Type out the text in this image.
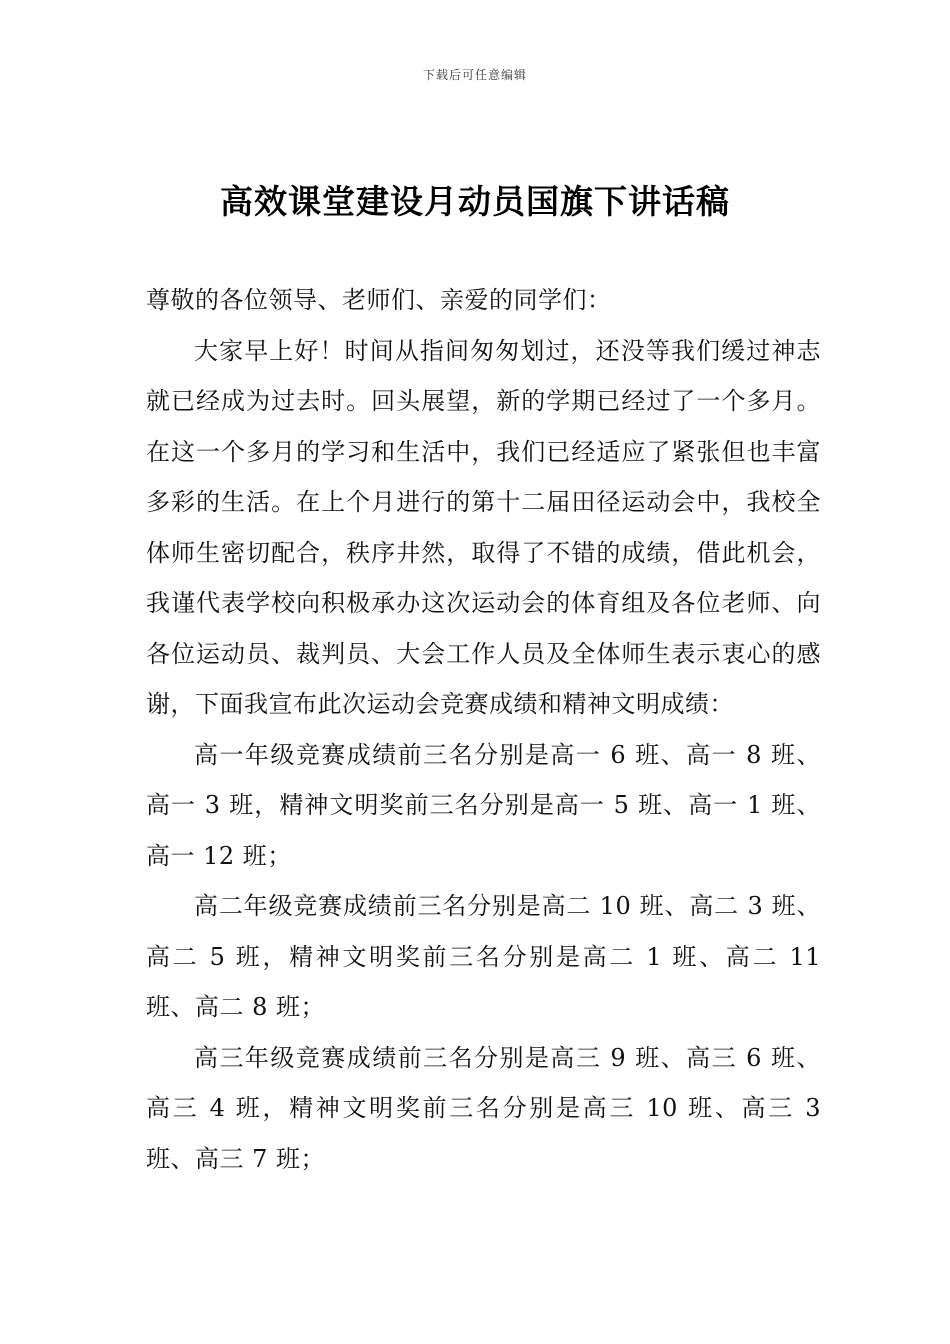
下载后可任意编辑
高效课堂建设月动员国旗下讲话稿

尊敬的各位领导、老师们、亲爱的同学们：

大家早上好！时间从指间匆匆划过，还没等我们缓过神志就已经成为过去时。回头展望，新的学期已经过了一个多月。在这一个多月的学习和生活中，我们已经适应了紧张但也丰富多彩的生活。在上个月进行的第十二届田径运动会中，我校全体师生密切配合，秩序井然，取得了不错的成绩，借此机会，我谨代表学校向积极承办这次运动会的体育组及各位老师、向各位运动员、裁判员、大会工作人员及全体师生表示衷心的感谢，下面我宣布此次运动会竞赛成绩和精神文明成绩：

高一年级竞赛成绩前三名分别是高一 6 班、高一 8 班、高一 3 班，精神文明奖前三名分别是高一 5 班、高一 1 班、高一 12 班；

高二年级竞赛成绩前三名分别是高二 10 班、高二 3 班、高二 5 班，精神文明奖前三名分别是高二 1 班、高二 11 班、高二 8 班；

高三年级竞赛成绩前三名分别是高三 9 班、高三 6 班、高三 4 班，精神文明奖前三名分别是高三 10 班、高三 3 班、高三 7 班；
